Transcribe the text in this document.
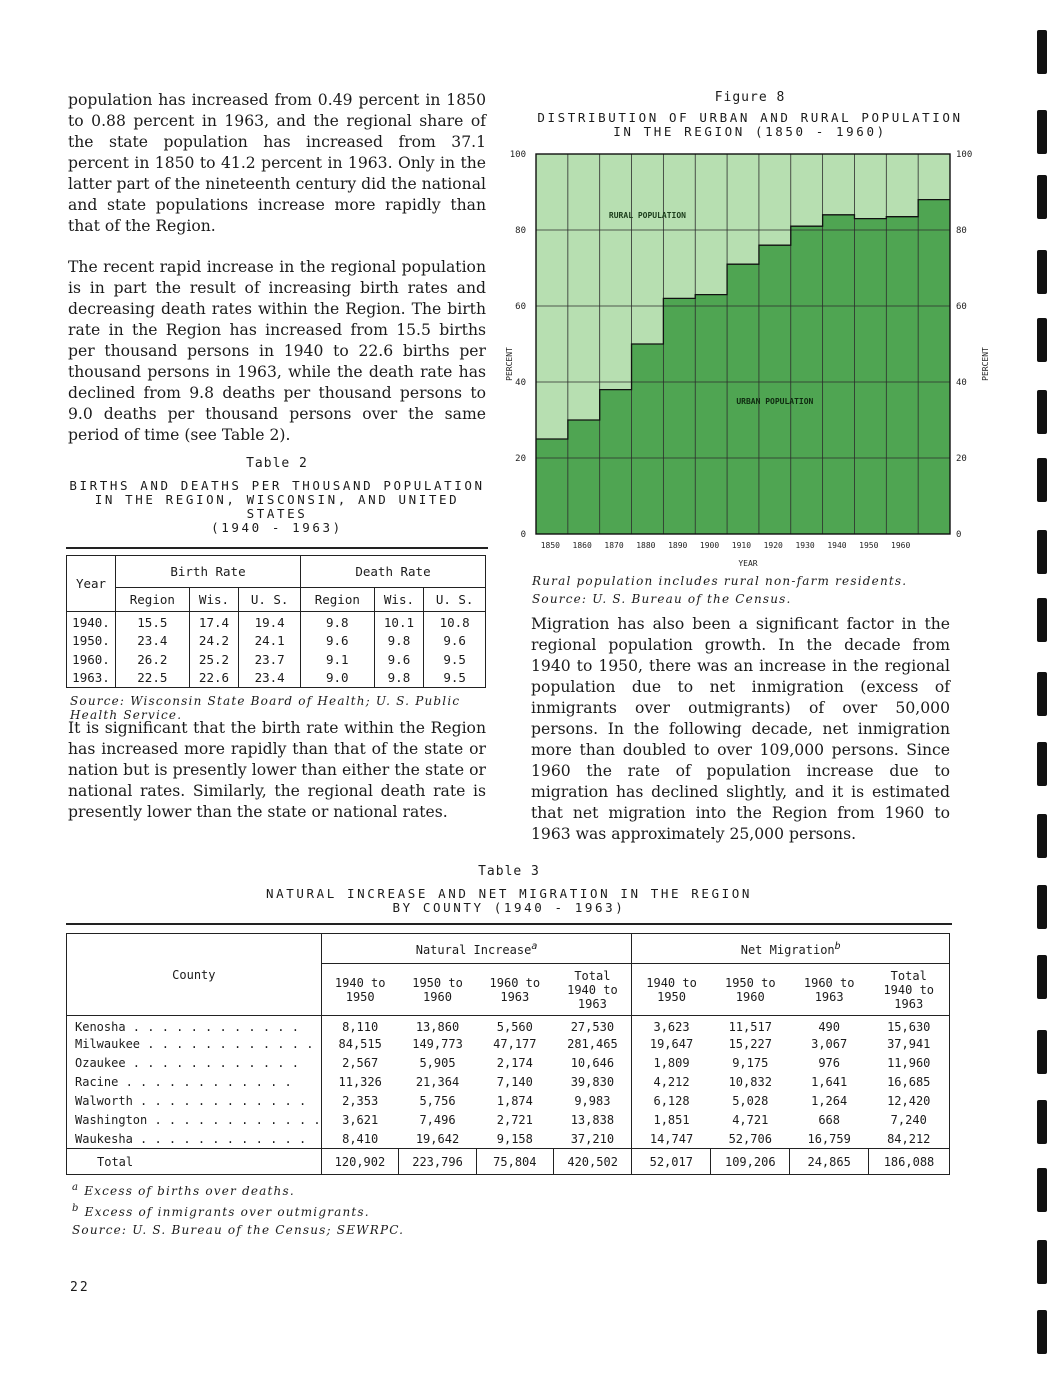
population has increased from 0.49 percent in 1850 to 0.88 percent in 1963, and the regional share of the state population has increased from 37.1 percent in 1850 to 41.2 percent in 1963. Only in the latter part of the nineteenth century did the national and state populations increase more rapidly than that of the Region.

The recent rapid increase in the regional population is in part the result of increasing birth rates and decreasing death rates within the Region. The birth rate in the Region has increased from 15.5 births per thousand persons in 1940 to 22.6 births per thousand persons in 1963, while the death rate has declined from 9.8 deaths per thousand persons to 9.0 deaths per thousand persons over the same period of time (see Table 2).

Table 2
BIRTHS AND DEATHS PER THOUSAND POPULATION
IN THE REGION, WISCONSIN, AND UNITED STATES
(1940 - 1963)
Year	Birth Rate			Death Rate		
	Region	Wis.	U. S.	Region	Wis.	U. S.
1940.	15.5	17.4	19.4	9.8	10.1	10.8
1950.	23.4	24.2	24.1	9.6	9.8	9.6
1960.	26.2	25.2	23.7	9.1	9.6	9.5
1963.	22.5	22.6	23.4	9.0	9.8	9.5
Source: Wisconsin State Board of Health; U. S. Public Health Service.

It is significant that the birth rate within the Region has increased more rapidly than that of the state or nation but is presently lower than either the state or national rates. Similarly, the regional death rate is presently lower than the state or national rates.

Figure 8
DISTRIBUTION OF URBAN AND RURAL POPULATION
IN THE REGION (1850 - 1960)
0	0
20	20
40	40
60	60
80	80
100	100
1850 1860 1870 1880 1890 1900 1910 1920 1930 1940 1950 1960
YEAR
PERCENT	PERCENT
RURAL POPULATION
URBAN POPULATION
Rural population includes rural non-farm residents.
Source: U. S. Bureau of the Census.

Migration has also been a significant factor in the regional population growth. In the decade from 1940 to 1950, there was an increase in the regional population due to net inmigration (excess of inmigrants over outmigrants) of over 50,000 persons. In the following decade, net inmigration more than doubled to over 109,000 persons. Since 1960 the rate of population increase due to migration has declined slightly, and it is estimated that net migration into the Region from 1960 to 1963 was approximately 25,000 persons.

Table 3
NATURAL INCREASE AND NET MIGRATION IN THE REGION
BY COUNTY (1940 - 1963)
County	Natural Increase$^a$				Net Migration$^b$
	1940 to 1950	1950 to 1960	1960 to 1963	Total 1940 to 1963	1940 to 1950	1950 to 1960	1960 to 1963	Total 1940 to 1963
Kenosha . . . . . . . . . . . .	8,110	13,860	5,560	27,530	3,623	11,517	490	15,630
Milwaukee . . . . . . . . . . . .	84,515	149,773	47,177	281,465	19,647	15,227	3,067	37,941
Ozaukee . . . . . . . . . . . .	2,567	5,905	2,174	10,646	1,809	9,175	976	11,960
Racine . . . . . . . . . . . .	11,326	21,364	7,140	39,830	4,212	10,832	1,641	16,685
Walworth . . . . . . . . . . . .	2,353	5,756	1,874	9,983	6,128	5,028	1,264	12,420
Washington . . . . . . . . . . . .	3,621	7,496	2,721	13,838	1,851	4,721	668	7,240
Waukesha . . . . . . . . . . . .	8,410	19,642	9,158	37,210	14,747	52,706	16,759	84,212
Total	120,902	223,796	75,804	420,502	52,017	109,206	24,865	186,088
$^a$ Excess of births over deaths.
$^b$ Excess of inmigrants over outmigrants.
Source: U. S. Bureau of the Census; SEWRPC.
22
